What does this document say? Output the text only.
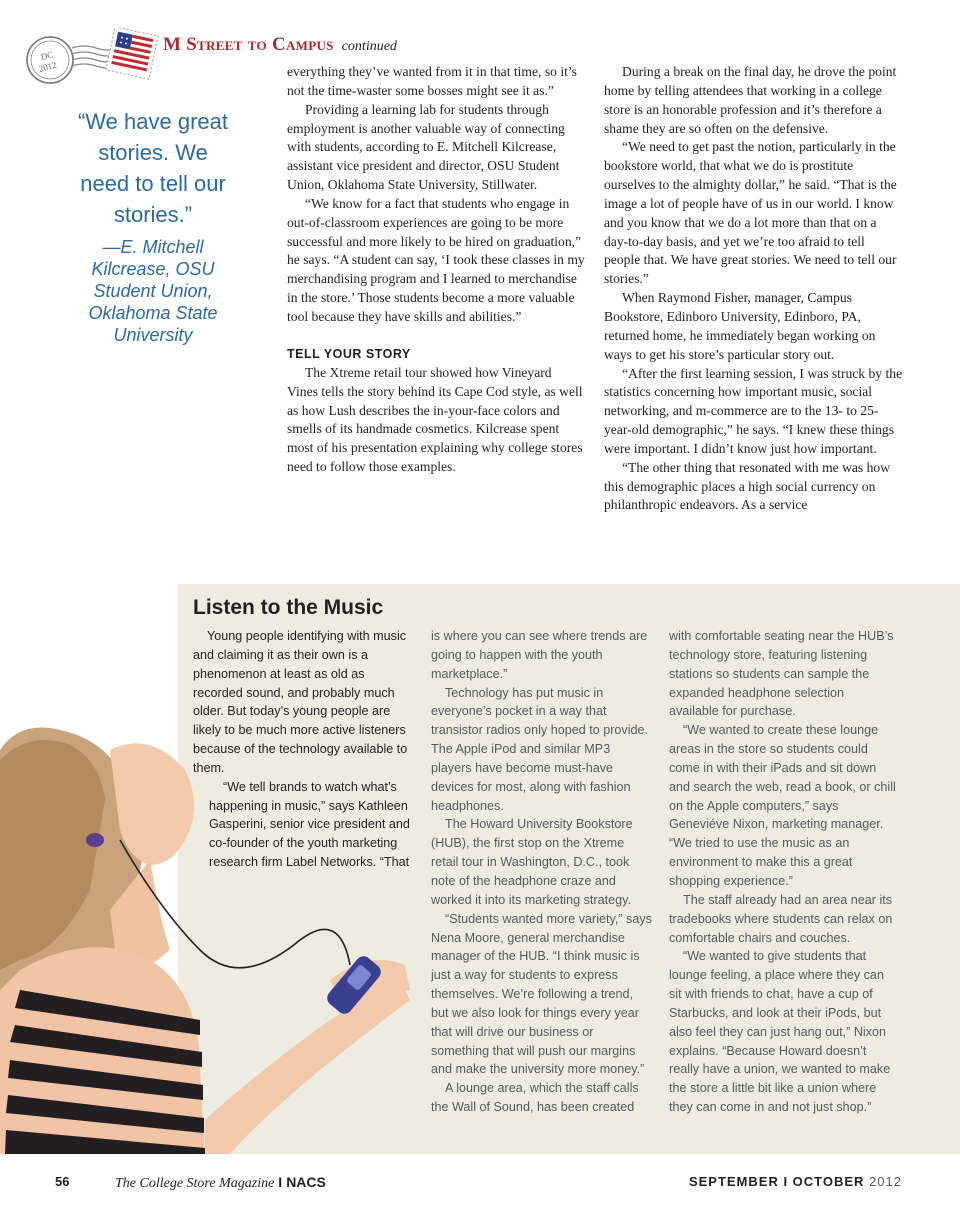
DC
2012
M Street to Campus continued
“We have great stories. We need to tell our stories.”
—E. Mitchell Kilcrease, OSU Student Union, Oklahoma State University

everything they’ve wanted from it in that time, so it’s not the time-waster some bosses might see it as.”

Providing a learning lab for students through employment is another valuable way of connecting with students, according to E. Mitchell Kilcrease, assistant vice president and director, OSU Student Union, Oklahoma State University, Stillwater.

“We know for a fact that students who engage in out-of-classroom experiences are going to be more successful and more likely to be hired on graduation,” he says. “A student can say, ‘I took these classes in my merchandising program and I learned to merchandise in the store.’ Those students become a more valuable tool because they have skills and abilities.”

TELL YOUR STORY

The Xtreme retail tour showed how Vineyard Vines tells the story behind its Cape Cod style, as well as how Lush describes the in-your-face colors and smells of its handmade cosmetics. Kilcrease spent most of his presentation explaining why college stores need to follow those examples.

During a break on the final day, he drove the point home by telling attendees that working in a college store is an honorable profession and it’s therefore a shame they are so often on the defensive.

“We need to get past the notion, particularly in the bookstore world, that what we do is prostitute ourselves to the almighty dollar,” he said. “That is the image a lot of people have of us in our world. I know and you know that we do a lot more than that on a day-to-day basis, and yet we’re too afraid to tell people that. We have great stories. We need to tell our stories.”

When Raymond Fisher, manager, Campus Bookstore, Edinboro University, Edinboro, PA, returned home, he immediately began working on ways to get his store’s particular story out.

“After the first learning session, I was struck by the statistics concerning how important music, social networking, and m-commerce are to the 13- to 25-year-old demographic,” he says. “I knew these things were important. I didn’t know just how important.

“The other thing that resonated with me was how this demographic places a high social currency on philanthropic endeavors. As a service

Listen to the Music

Young people identifying with music and claiming it as their own is a phenomenon at least as old as recorded sound, and probably much older. But today’s young people are likely to be much more active listeners because of the technology available to them.

“We tell brands to watch what’s happening in music,” says Kathleen Gasperini, senior vice president and co-founder of the youth marketing research firm Label Networks. “That

is where you can see where trends are going to happen with the youth marketplace.”

Technology has put music in everyone’s pocket in a way that transistor radios only hoped to provide. The Apple iPod and similar MP3 players have become must-have devices for most, along with fashion headphones.

The Howard University Bookstore (HUB), the first stop on the Xtreme retail tour in Washington, D.C., took note of the headphone craze and worked it into its marketing strategy.

“Students wanted more variety,” says Nena Moore, general merchandise manager of the HUB. “I think music is just a way for students to express themselves. We’re following a trend, but we also look for things every year that will drive our business or something that will push our margins and make the university more money.”

A lounge area, which the staff calls the Wall of Sound, has been created

with comfortable seating near the HUB’s technology store, featuring listening stations so students can sample the expanded headphone selection available for purchase.

“We wanted to create these lounge areas in the store so students could come in with their iPads and sit down and search the web, read a book, or chill on the Apple computers,” says Geneviéve Nixon, marketing manager. “We tried to use the music as an environment to make this a great shopping experience.”

The staff already had an area near its tradebooks where students can relax on comfortable chairs and couches.

“We wanted to give students that lounge feeling, a place where they can sit with friends to chat, have a cup of Starbucks, and look at their iPods, but also feel they can just hang out,” Nixon explains. “Because Howard doesn’t really have a union, we wanted to make the store a little bit like a union where they can come in and not just shop.”

56	The College Store Magazine I NACS	SEPTEMBER I OCTOBER 2012
